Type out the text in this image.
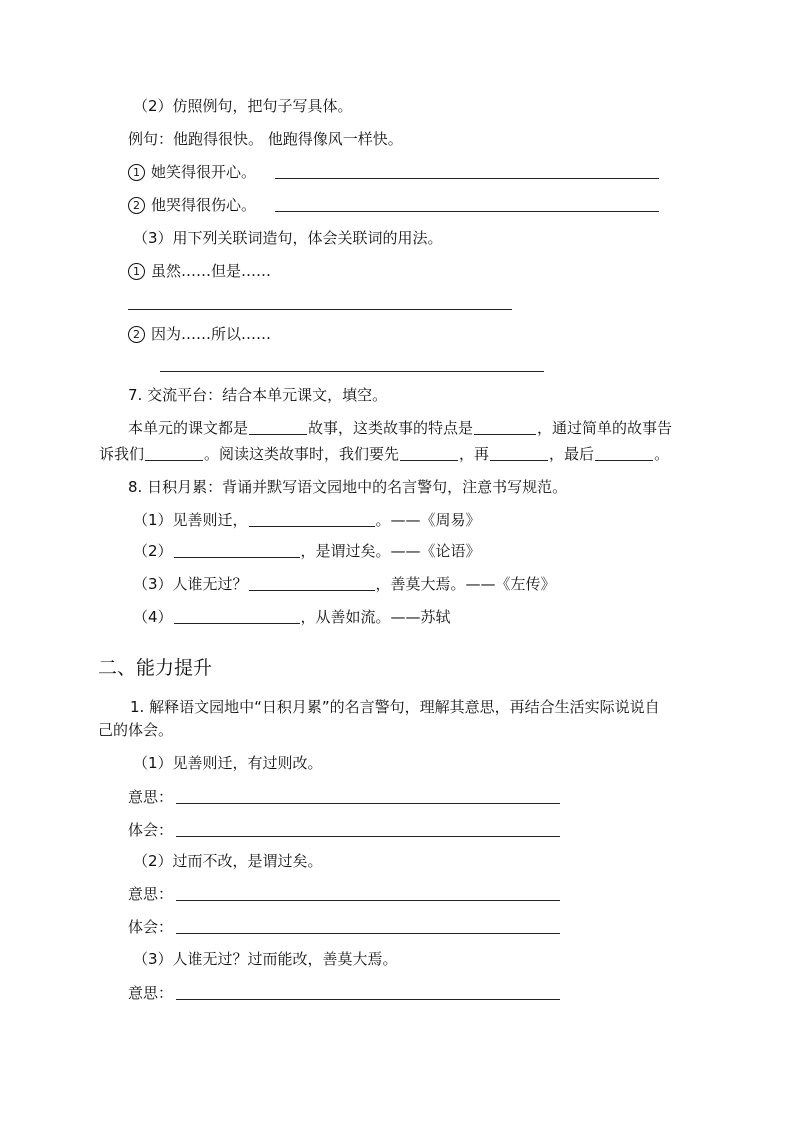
（2）仿照例句，把句子写具体。
例句：他跑得很快。 他跑得像风一样快。
1 她笑得很开心。
2 他哭得很伤心。
（3）用下列关联词造句，体会关联词的用法。
1 虽然……但是……
2 因为……所以……
7. 交流平台：结合本单元课文，填空。
本单元的课文都是	故事，这类故事的特点是	，通过简单的故事告
诉我们	。阅读这类故事时，我们要先	，再	，最后	。
8. 日积月累：背诵并默写语文园地中的名言警句，注意书写规范。
（1）见善则迁，	。——《周易》
（2）	，是谓过矣。——《论语》
（3）人谁无过？	，善莫大焉。——《左传》
（4）	，从善如流。——苏轼
二、能力提升
1. 解释语文园地中“日积月累”的名言警句，理解其意思，再结合生活实际说说自
己的体会。
（1）见善则迁，有过则改。
意思：
体会：
（2）过而不改，是谓过矣。
意思：
体会：
（3）人谁无过？过而能改，善莫大焉。
意思：
